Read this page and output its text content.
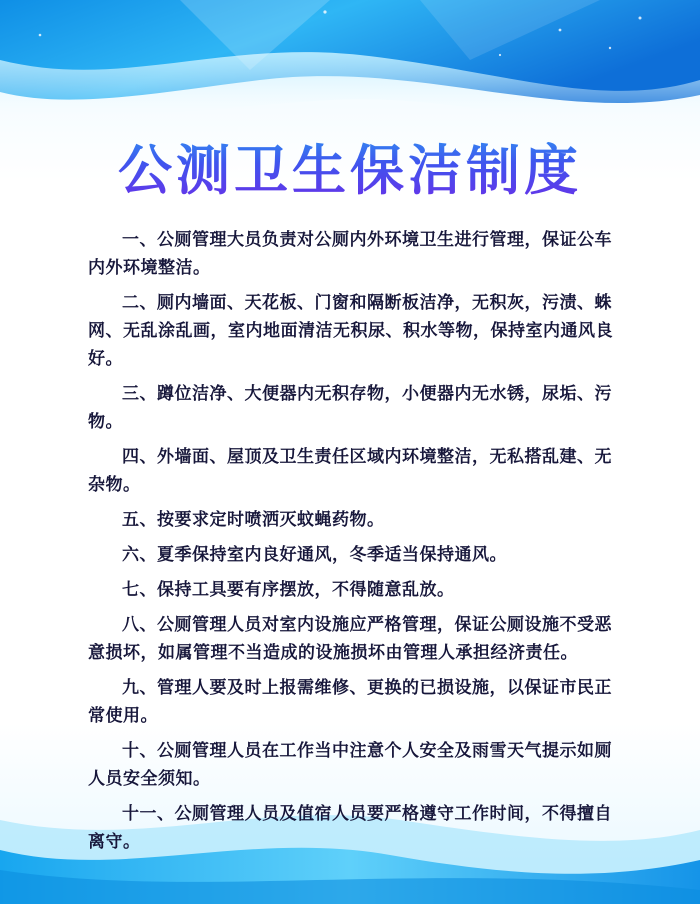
公测卫生保洁制度
一、公厕管理大员负责对公厕内外环境卫生进行管理，保证公车内外环境整洁。
二、厕内墙面、天花板、门窗和隔断板洁净，无积灰，污渍、蛛网、无乱涂乱画，室内地面清洁无积尿、积水等物，保持室内通风良好。
三、蹲位洁净、大便器内无积存物，小便器内无水锈，尿垢、污物。
四、外墙面、屋顶及卫生责任区域内环境整洁，无私搭乱建、无杂物。
五、按要求定时喷洒灭蚊蝇药物。
六、夏季保持室内良好通风，冬季适当保持通风。
七、保持工具要有序摆放，不得随意乱放。
八、公厕管理人员对室内设施应严格管理，保证公厕设施不受恶意损坏，如属管理不当造成的设施损坏由管理人承担经济责任。
九、管理人要及时上报需维修、更换的已损设施，以保证市民正常使用。
十、公厕管理人员在工作当中注意个人安全及雨雪天气提示如厕人员安全须知。
十一、公厕管理人员及值宿人员要严格遵守工作时间，不得擅自离守。
